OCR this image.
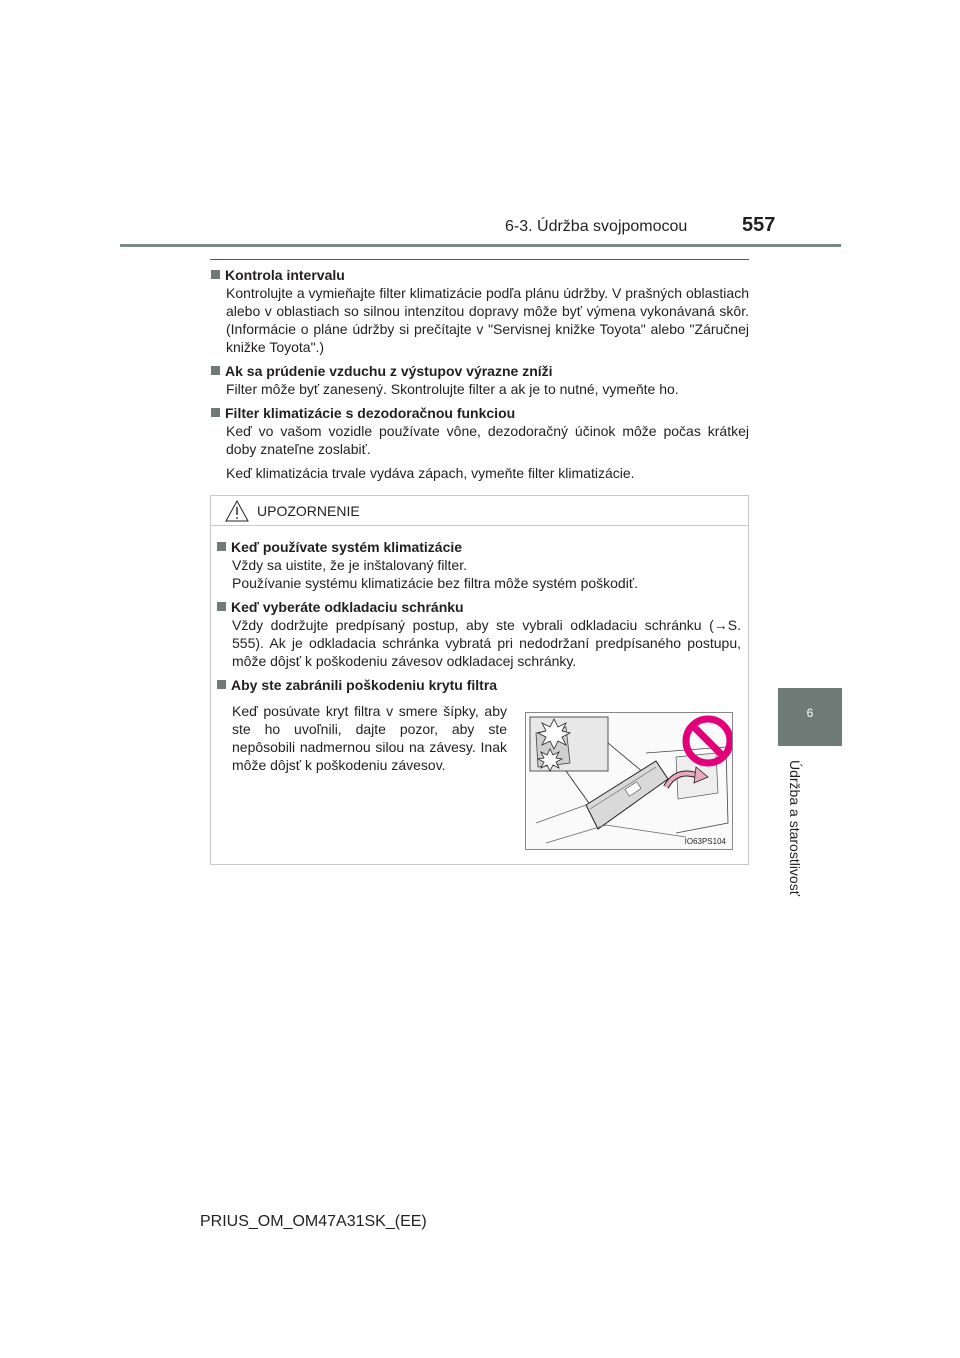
6-3. Údržba svojpomocou	557
6
Údržba a starostlivosť

Kontrola intervalu

Kontrolujte a vymieňajte filter klimatizácie podľa plánu údržby. V prašných oblastiach alebo v oblastiach so silnou intenzitou dopravy môže byť výmena vykonávaná skôr. (Informácie o pláne údržby si prečítajte v "Servisnej knižke Toyota" alebo "Záručnej knižke Toyota".)

Ak sa prúdenie vzduchu z výstupov výrazne zníži

Filter môže byť zanesený. Skontrolujte filter a ak je to nutné, vymeňte ho.

Filter klimatizácie s dezodoračnou funkciou

Keď vo vašom vozidle používate vône, dezodoračný účinok môže počas krátkej doby znateľne zoslabiť.

Keď klimatizácia trvale vydáva zápach, vymeňte filter klimatizácie.

UPOZORNENIE

Keď používate systém klimatizácie

Vždy sa uistite, že je inštalovaný filter.

Používanie systému klimatizácie bez filtra môže systém poškodiť.

Keď vyberáte odkladaciu schránku

Vždy dodržujte predpísaný postup, aby ste vybrali odkladaciu schránku (→S. 555). Ak je odkladacia schránka vybratá pri nedodržaní predpísaného postupu, môže dôjsť k poškodeniu závesov odkladacej schránky.

Aby ste zabránili poškodeniu krytu filtra

Keď posúvate kryt filtra v smere šípky, aby ste ho uvoľnili, dajte pozor, aby ste nepôsobili nadmernou silou na závesy. Inak môže dôjsť k poškodeniu závesov.

IO63PS104
PRIUS_OM_OM47A31SK_(EE)
